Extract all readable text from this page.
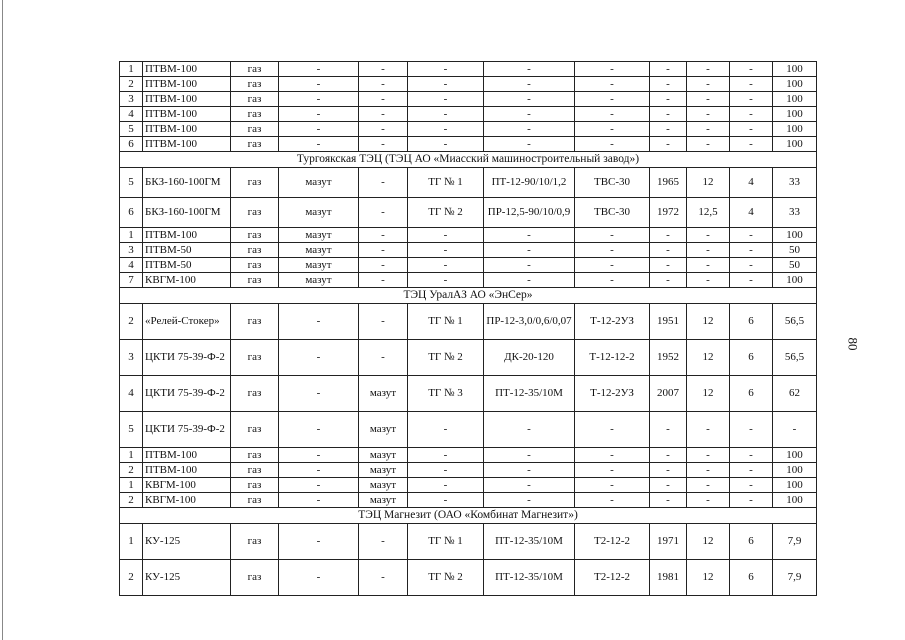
1	ПТВМ-100	газ	-	-	-	-	-	-	-	-	100
2	ПТВМ-100	газ	-	-	-	-	-	-	-	-	100
3	ПТВМ-100	газ	-	-	-	-	-	-	-	-	100
4	ПТВМ-100	газ	-	-	-	-	-	-	-	-	100
5	ПТВМ-100	газ	-	-	-	-	-	-	-	-	100
6	ПТВМ-100	газ	-	-	-	-	-	-	-	-	100
Тургоякская ТЭЦ (ТЭЦ АО «Миасский машиностроительный завод»)											
5	БКЗ-160-100ГМ	газ	мазут	-	ТГ № 1	ПТ-12-90/10/1,2	ТВС-30	1965	12	4	33
6	БКЗ-160-100ГМ	газ	мазут	-	ТГ № 2	ПР-12,5-90/10/0,9	ТВС-30	1972	12,5	4	33
1	ПТВМ-100	газ	мазут	-	-	-	-	-	-	-	100
3	ПТВМ-50	газ	мазут	-	-	-	-	-	-	-	50
4	ПТВМ-50	газ	мазут	-	-	-	-	-	-	-	50
7	КВГМ-100	газ	мазут	-	-	-	-	-	-	-	100
ТЭЦ УралАЗ АО «ЭнСер»											
2	«Релей-Стокер»	газ	-	-	ТГ № 1	ПР-12-3,0/0,6/0,07	Т-12-2УЗ	1951	12	6	56,5
3	ЦКТИ 75-39-Ф-2	газ	-	-	ТГ № 2	ДК-20-120	Т-12-12-2	1952	12	6	56,5
4	ЦКТИ 75-39-Ф-2	газ	-	мазут	ТГ № 3	ПТ-12-35/10М	Т-12-2УЗ	2007	12	6	62
5	ЦКТИ 75-39-Ф-2	газ	-	мазут	-	-	-	-	-	-	-
1	ПТВМ-100	газ	-	мазут	-	-	-	-	-	-	100
2	ПТВМ-100	газ	-	мазут	-	-	-	-	-	-	100
1	КВГМ-100	газ	-	мазут	-	-	-	-	-	-	100
2	КВГМ-100	газ	-	мазут	-	-	-	-	-	-	100
ТЭЦ Магнезит (ОАО «Комбинат Магнезит»)											
1	КУ-125	газ	-	-	ТГ № 1	ПТ-12-35/10М	Т2-12-2	1971	12	6	7,9
2	КУ-125	газ	-	-	ТГ № 2	ПТ-12-35/10М	Т2-12-2	1981	12	6	7,9
80
